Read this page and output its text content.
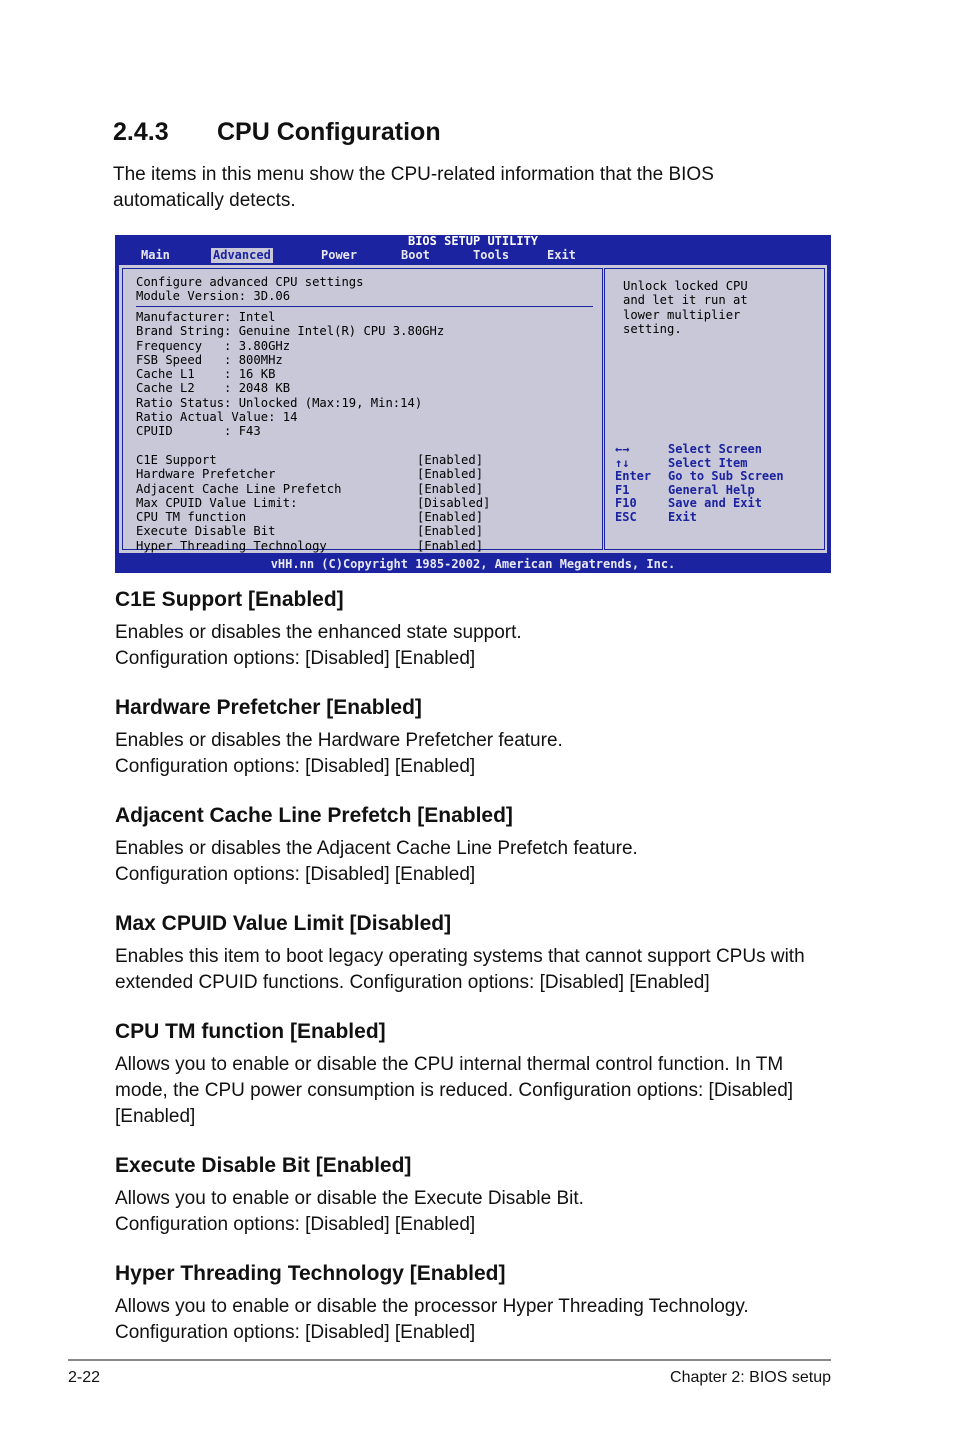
2.4.3 CPU Configuration

The items in this menu show the CPU-related information that the BIOS automatically detects.

BIOS SETUP UTILITY
Main	Advanced	Power	Boot	Tools	Exit
Configure advanced CPU settings
Module Version: 3D.06
Manufacturer: Intel
Brand String: Genuine Intel(R) CPU 3.80GHz
Frequency   : 3.80GHz
FSB Speed   : 800MHz
Cache L1    : 16 KB
Cache L2    : 2048 KB
Ratio Status: Unlocked (Max:19, Min:14)
Ratio Actual Value: 14
CPUID       : F43
C1E Support	[Enabled]
Hardware Prefetcher	[Enabled]
Adjacent Cache Line Prefetch	[Enabled]
Max CPUID Value Limit:	[Disabled]
CPU TM function	[Enabled]
Execute Disable Bit	[Enabled]
Hyper Threading Technology	[Enabled]
Unlock locked CPU
and let it run at
lower multiplier
setting.
←→	Select Screen
↑↓	Select Item
Enter	Go to Sub Screen
F1	General Help
F10	Save and Exit
ESC	Exit
vHH.nn (C)Copyright 1985-2002, American Megatrends, Inc.
C1E Support [Enabled]

Enables or disables the enhanced state support.
Configuration options: [Disabled] [Enabled]

Hardware Prefetcher [Enabled]

Enables or disables the Hardware Prefetcher feature.
Configuration options: [Disabled] [Enabled]

Adjacent Cache Line Prefetch [Enabled]

Enables or disables the Adjacent Cache Line Prefetch feature.
Configuration options: [Disabled] [Enabled]

Max CPUID Value Limit [Disabled]

Enables this item to boot legacy operating systems that cannot support CPUs with
extended CPUID functions. Configuration options: [Disabled] [Enabled]

CPU TM function [Enabled]

Allows you to enable or disable the CPU internal thermal control function. In TM
mode, the CPU power consumption is reduced. Configuration options: [Disabled]
[Enabled]

Execute Disable Bit [Enabled]

Allows you to enable or disable the Execute Disable Bit.
Configuration options: [Disabled] [Enabled]

Hyper Threading Technology [Enabled]

Allows you to enable or disable the processor Hyper Threading Technology.
Configuration options: [Disabled] [Enabled]

2-22	Chapter 2: BIOS setup
